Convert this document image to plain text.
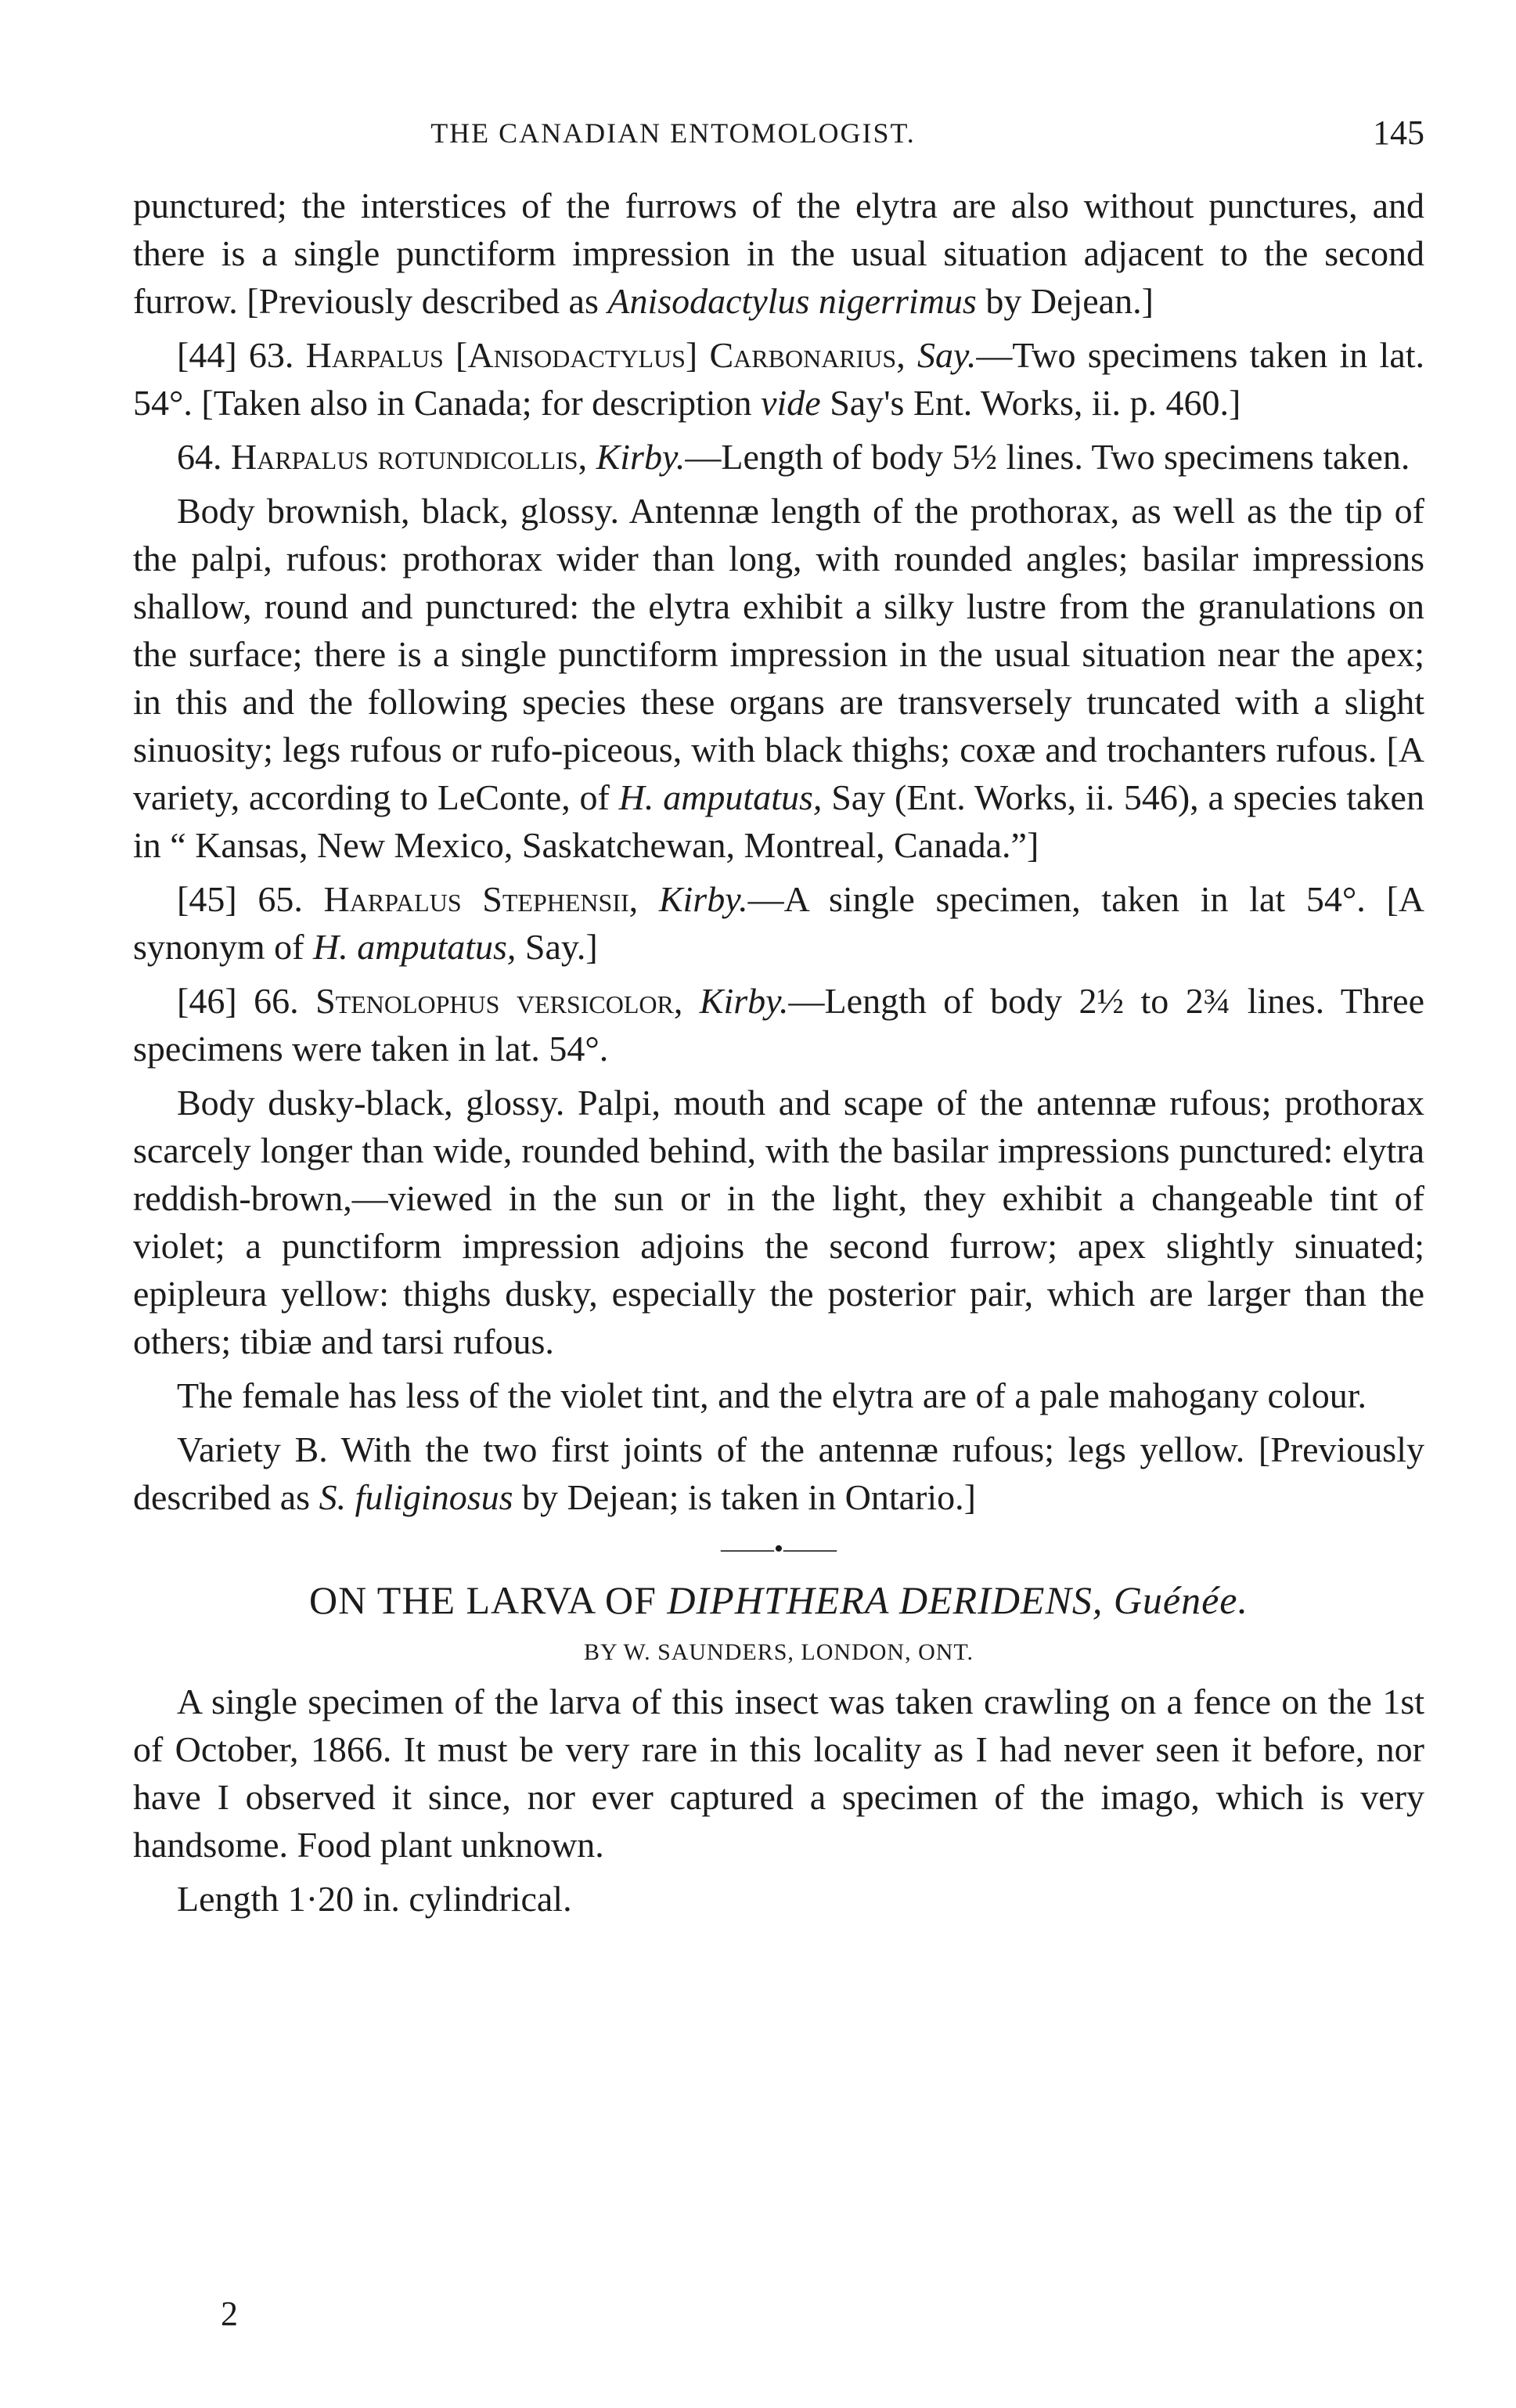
THE CANADIAN ENTOMOLOGIST.	145

punctured; the interstices of the furrows of the elytra are also without punctures, and there is a single punctiform impression in the usual situation adjacent to the second furrow. [Previously described as Anisodactylus nigerrimus by Dejean.]

[44] 63. Harpalus [Anisodactylus] Carbonarius, Say.—Two specimens taken in lat. 54°. [Taken also in Canada; for description vide Say's Ent. Works, ii. p. 460.]

64. Harpalus rotundicollis, Kirby.—Length of body 5½ lines. Two specimens taken.

Body brownish, black, glossy. Antennæ length of the prothorax, as well as the tip of the palpi, rufous: prothorax wider than long, with rounded angles; basilar impressions shallow, round and punctured: the elytra exhibit a silky lustre from the granulations on the surface; there is a single punctiform impression in the usual situation near the apex; in this and the following species these organs are transversely truncated with a slight sinuosity; legs rufous or rufo-piceous, with black thighs; coxæ and trochanters rufous. [A variety, according to LeConte, of H. amputatus, Say (Ent. Works, ii. 546), a species taken in “ Kansas, New Mexico, Saskatchewan, Montreal, Canada.”]

[45] 65. Harpalus Stephensii, Kirby.—A single specimen, taken in lat 54°. [A synonym of H. amputatus, Say.]

[46] 66. Stenolophus versicolor, Kirby.—Length of body 2½ to 2¾ lines. Three specimens were taken in lat. 54°.

Body dusky-black, glossy. Palpi, mouth and scape of the antennæ rufous; prothorax scarcely longer than wide, rounded behind, with the basilar impressions punctured: elytra reddish-brown,—viewed in the sun or in the light, they exhibit a changeable tint of violet; a punctiform impression adjoins the second furrow; apex slightly sinuated; epipleura yellow: thighs dusky, especially the posterior pair, which are larger than the others; tibiæ and tarsi rufous.

The female has less of the violet tint, and the elytra are of a pale mahogany colour.

Variety B. With the two first joints of the antennæ rufous; legs yellow. [Previously described as S. fuliginosus by Dejean; is taken in Ontario.]

——•——

ON THE LARVA OF DIPHTHERA DERIDENS, Guénée.

BY W. SAUNDERS, LONDON, ONT.

A single specimen of the larva of this insect was taken crawling on a fence on the 1st of October, 1866. It must be very rare in this locality as I had never seen it before, nor have I observed it since, nor ever captured a specimen of the imago, which is very handsome. Food plant unknown.

Length 1·20 in. cylindrical.

2
